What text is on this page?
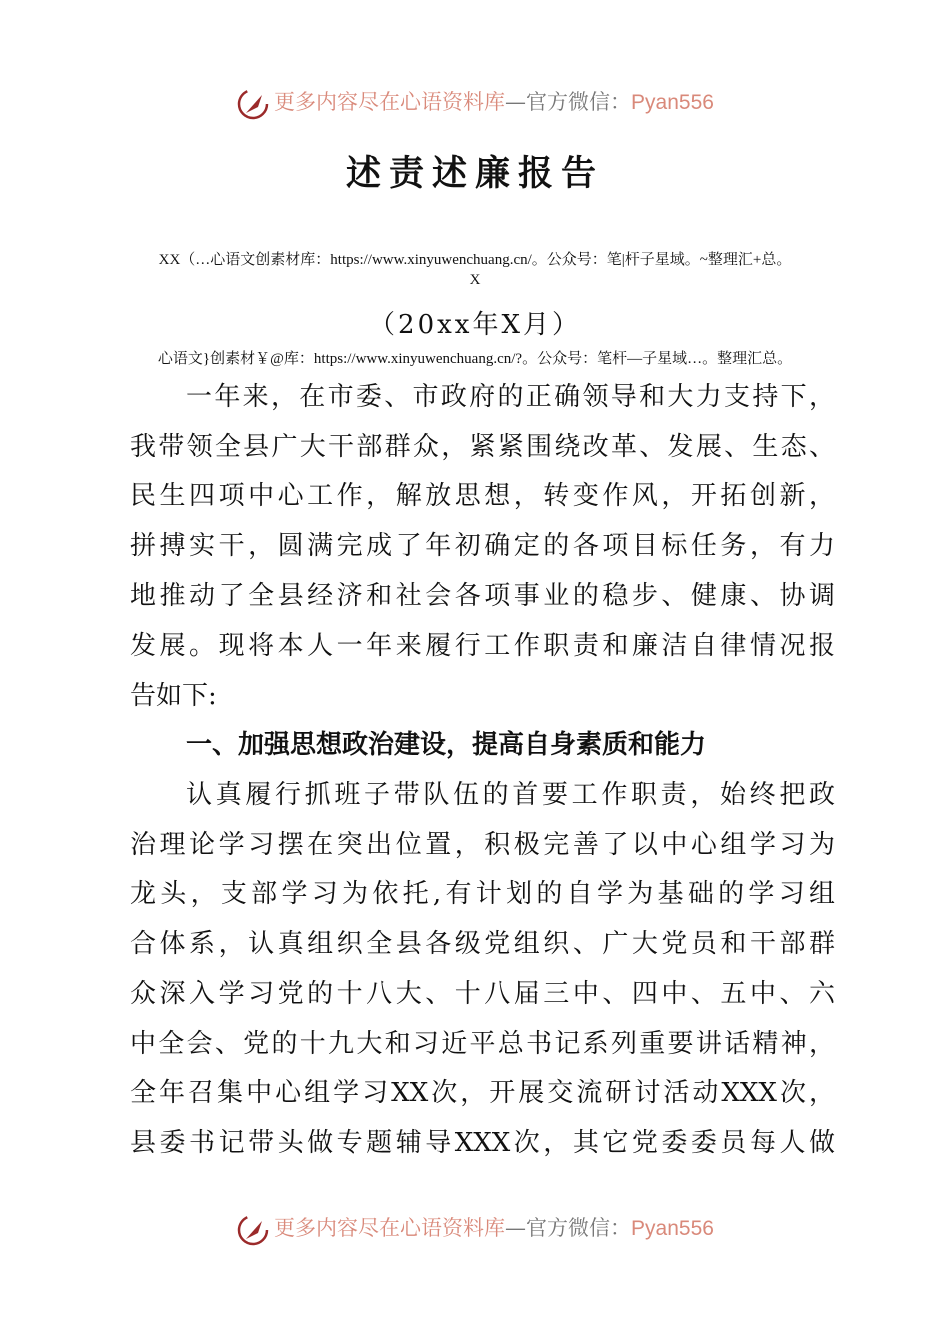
更多内容尽在心语资料库—官方微信：Pyan556
述责述廉报告
XX（…心语文创素材库：https://www.xinyuwenchuang.cn/。公众号：笔|杆子星域。~整理汇+总。
X
（20xx年X月）
心语文}创素材￥@库：https://www.xinyuwenchuang.cn/?。公众号：笔杆—子星域…。整理汇总。
一年来，在市委、市政府的正确领导和大力支持下，
我带领全县广大干部群众，紧紧围绕改革、发展、生态、
民生四项中心工作，解放思想，转变作风，开拓创新，
拼搏实干，圆满完成了年初确定的各项目标任务，有力
地推动了全县经济和社会各项事业的稳步、健康、协调
发展。现将本人一年来履行工作职责和廉洁自律情况报
告如下:
一、加强思想政治建设，提高自身素质和能力
认真履行抓班子带队伍的首要工作职责，始终把政
治理论学习摆在突出位置，积极完善了以中心组学习为
龙头，支部学习为依托,有计划的自学为基础的学习组
合体系，认真组织全县各级党组织、广大党员和干部群
众深入学习党的十八大、十八届三中、四中、五中、六
中全会、党的十九大和习近平总书记系列重要讲话精神，
全年召集中心组学习XX次，开展交流研讨活动XXX次，
县委书记带头做专题辅导XXX次，其它党委委员每人做
更多内容尽在心语资料库—官方微信：Pyan556
